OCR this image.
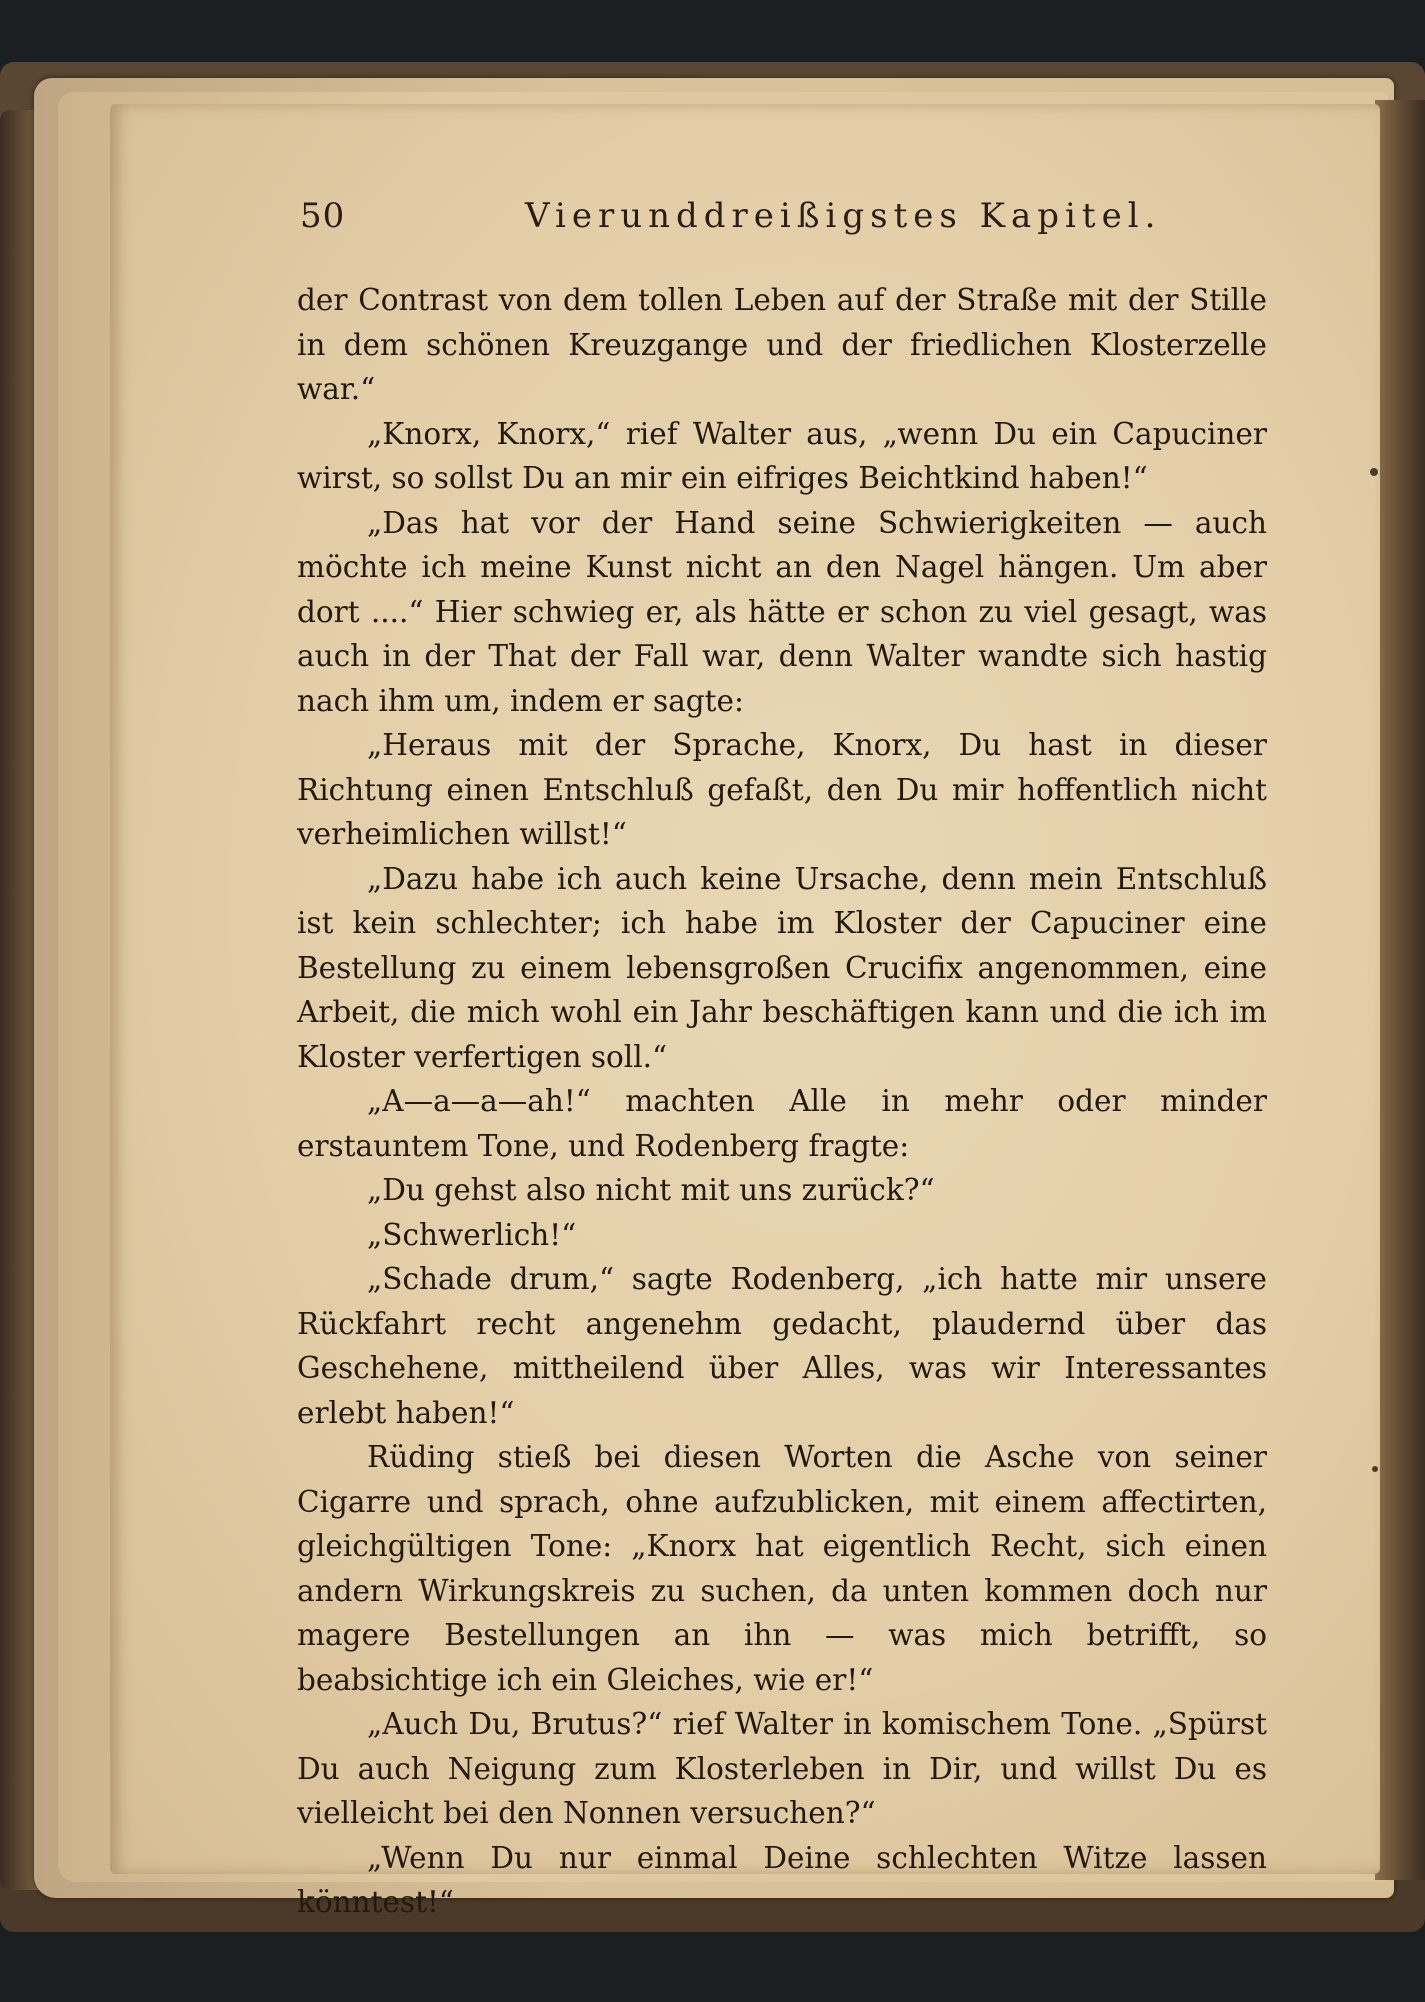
50	Vierunddreißigstes Kapitel.

der Contrast von dem tollen Leben auf der Straße mit der Stille in dem schönen Kreuzgange und der friedlichen Klosterzelle war.“

„Knorx, Knorx,“ rief Walter aus, „wenn Du ein Capuciner wirst, so sollst Du an mir ein eifriges Beichtkind haben!“

„Das hat vor der Hand seine Schwierigkeiten — auch möchte ich meine Kunst nicht an den Nagel hängen. Um aber dort ....“ Hier schwieg er, als hätte er schon zu viel gesagt, was auch in der That der Fall war, denn Walter wandte sich hastig nach ihm um, indem er sagte:

„Heraus mit der Sprache, Knorx, Du hast in dieser Richtung einen Entschluß gefaßt, den Du mir hoffentlich nicht verheimlichen willst!“

„Dazu habe ich auch keine Ursache, denn mein Entschluß ist kein schlechter; ich habe im Kloster der Capuciner eine Bestellung zu einem lebensgroßen Crucifix angenommen, eine Arbeit, die mich wohl ein Jahr beschäftigen kann und die ich im Kloster verfertigen soll.“

„A—a—a—ah!“ machten Alle in mehr oder minder erstauntem Tone, und Rodenberg fragte:

„Du gehst also nicht mit uns zurück?“

„Schwerlich!“

„Schade drum,“ sagte Rodenberg, „ich hatte mir unsere Rückfahrt recht angenehm gedacht, plaudernd über das Geschehene, mittheilend über Alles, was wir Interessantes erlebt haben!“

Rüding stieß bei diesen Worten die Asche von seiner Cigarre und sprach, ohne aufzublicken, mit einem affectirten, gleichgültigen Tone: „Knorx hat eigentlich Recht, sich einen andern Wirkungskreis zu suchen, da unten kommen doch nur magere Bestellungen an ihn — was mich betrifft, so beabsichtige ich ein Gleiches, wie er!“

„Auch Du, Brutus?“ rief Walter in komischem Tone. „Spürst Du auch Neigung zum Klosterleben in Dir, und willst Du es vielleicht bei den Nonnen versuchen?“

„Wenn Du nur einmal Deine schlechten Witze lassen könntest!“
